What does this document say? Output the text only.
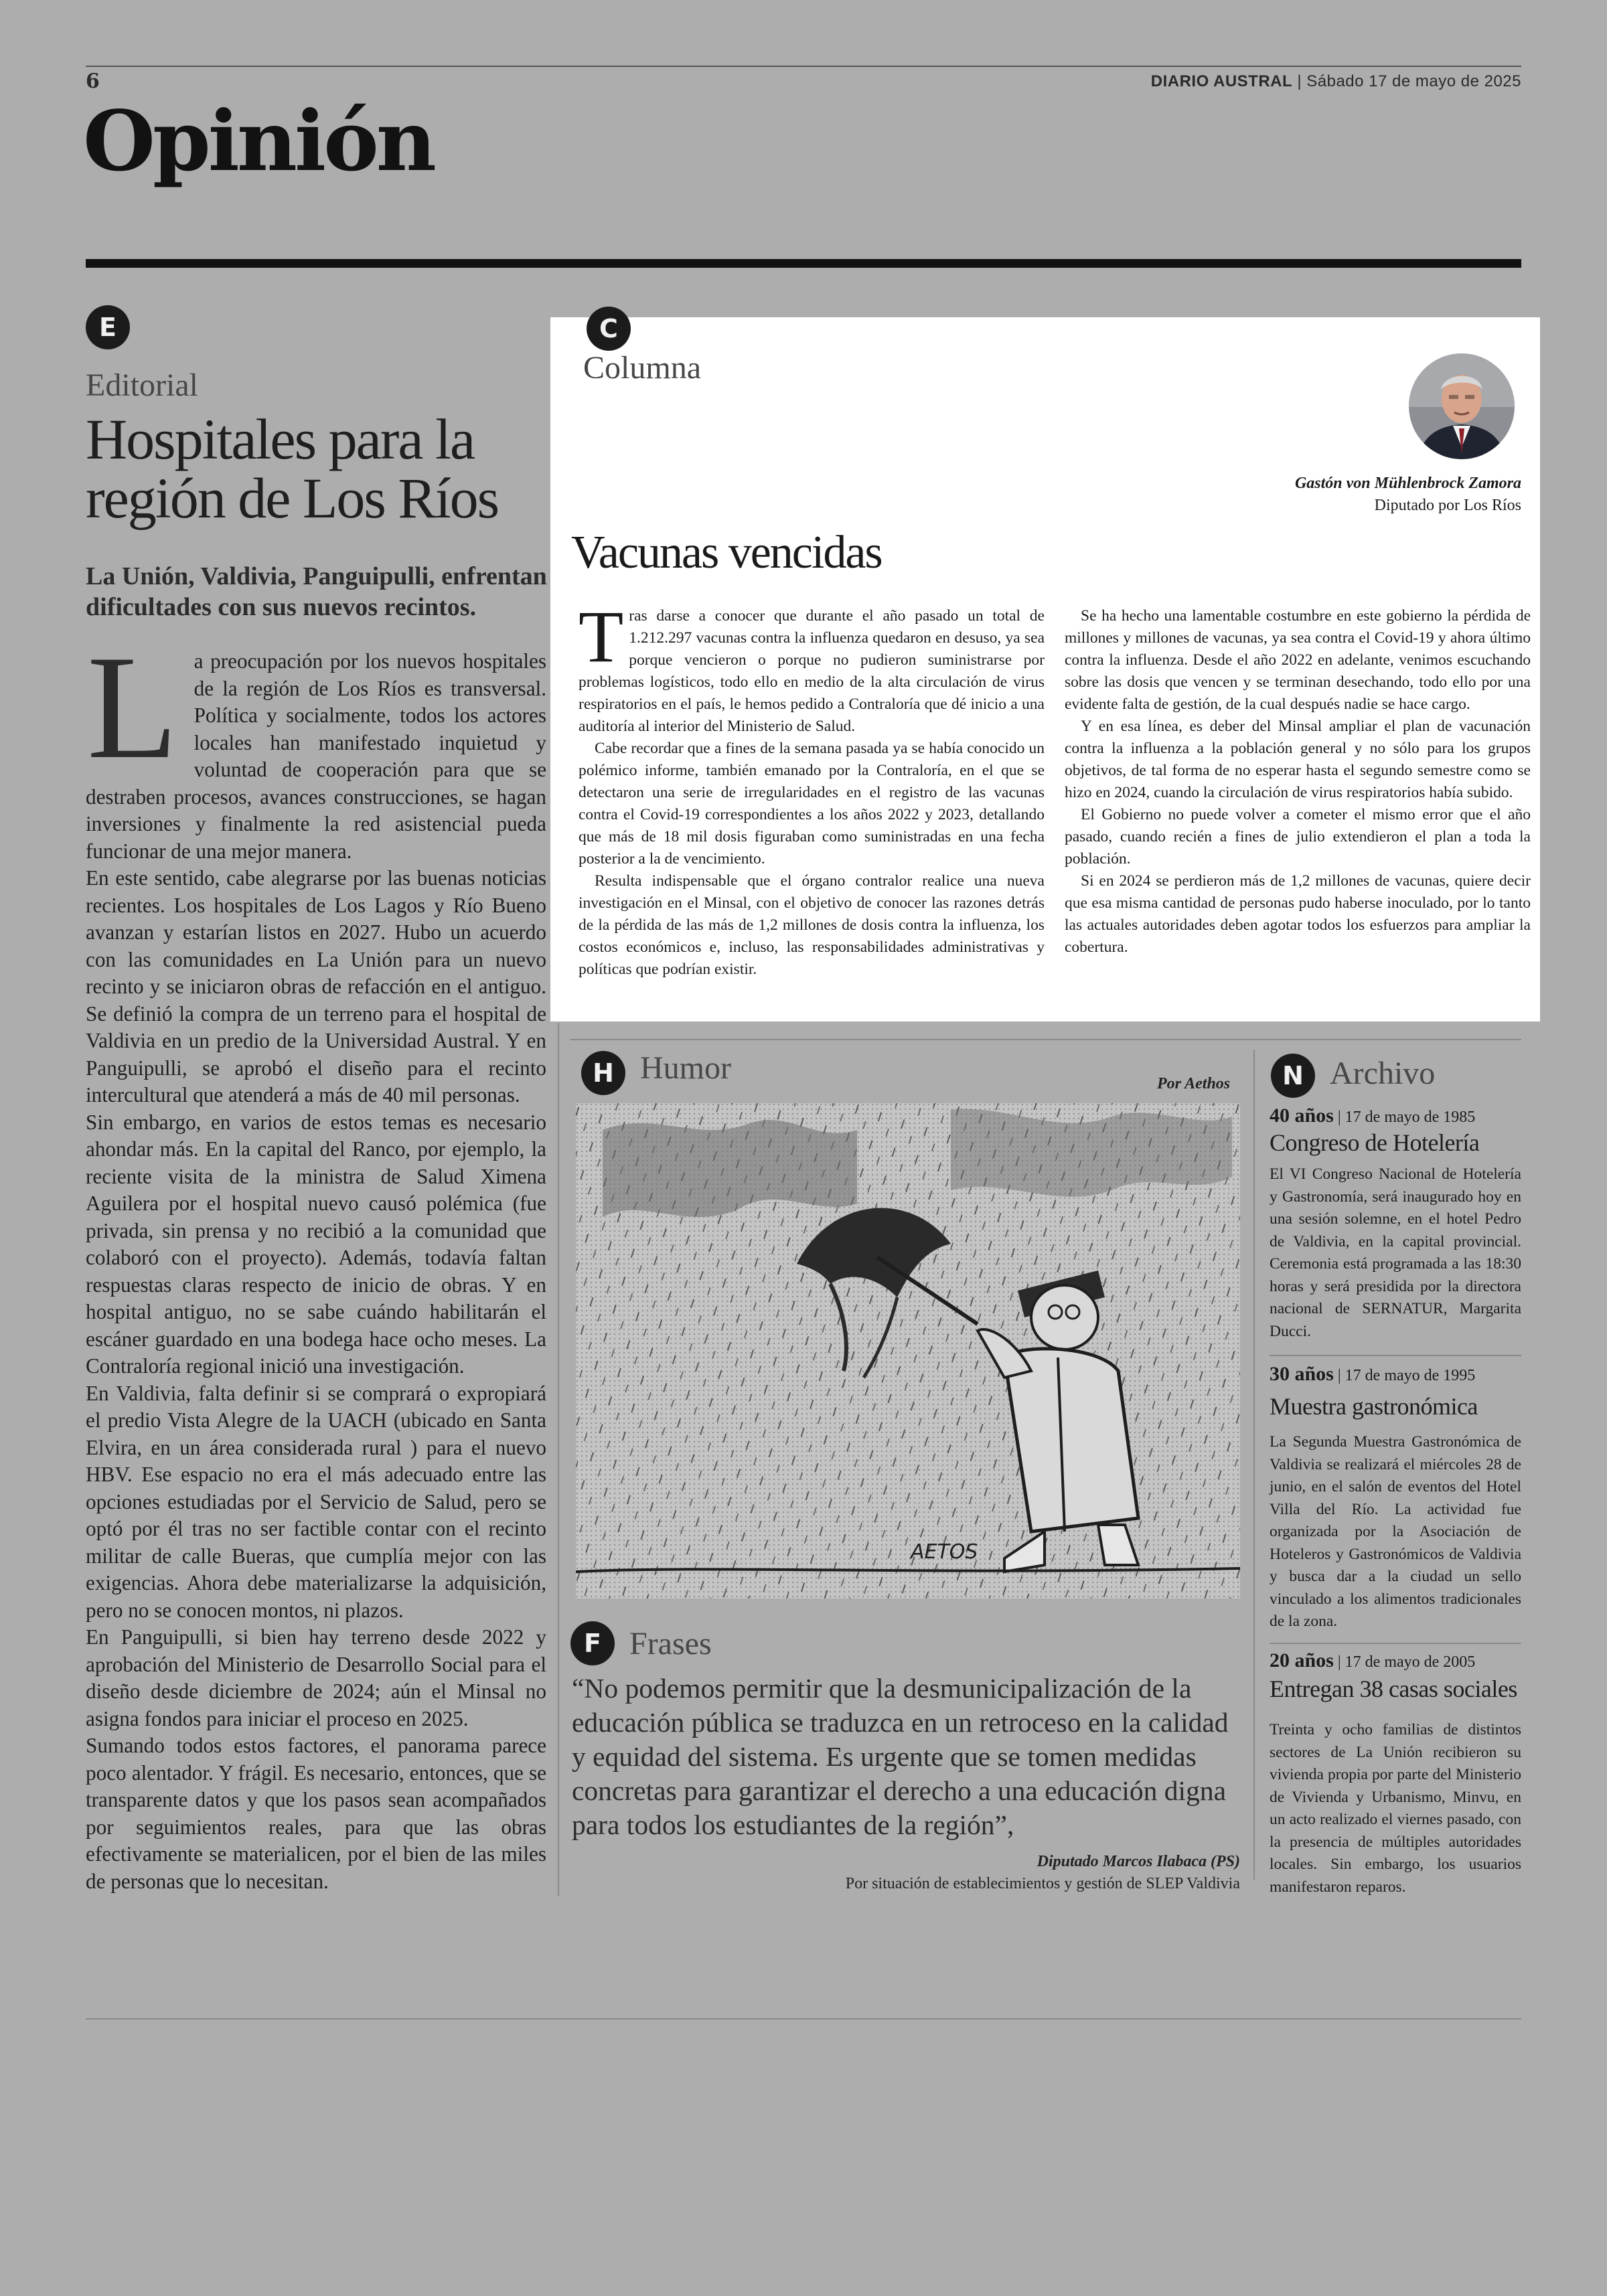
6	DIARIO AUSTRAL | Sábado 17 de mayo de 2025
Opinión
E
Editorial
Hospitales para la
región de Los Ríos
La Unión, Valdivia, Panguipulli, enfrentan dificultades con sus nuevos recintos.
L a preocupación por los nuevos hospitales de la región de Los Ríos es transversal. Política y socialmente, todos los actores locales han manifestado inquietud y voluntad de cooperación para que se destraben procesos, avances construcciones, se hagan inversiones y finalmente la red asistencial pueda funcionar de una mejor manera.

En este sentido, cabe alegrarse por las buenas noticias recientes. Los hospitales de Los Lagos y Río Bueno avanzan y estarían listos en 2027. Hubo un acuerdo con las comunidades en La Unión para un nuevo recinto y se iniciaron obras de refacción en el antiguo. Se definió la compra de un terreno para el hospital de Valdivia en un predio de la Universidad Austral. Y en Panguipulli, se aprobó el diseño para el recinto intercultural que atenderá a más de 40 mil personas.

Sin embargo, en varios de estos temas es necesario ahondar más. En la capital del Ranco, por ejemplo, la reciente visita de la ministra de Salud Ximena Aguilera por el hospital nuevo causó polémica (fue privada, sin prensa y no recibió a la comunidad que colaboró con el proyecto). Además, todavía faltan respuestas claras respecto de inicio de obras. Y en hospital antiguo, no se sabe cuándo habilitarán el escáner guardado en una bodega hace ocho meses. La Contraloría regional inició una investigación.

En Valdivia, falta definir si se comprará o expropiará el predio Vista Alegre de la UACH (ubicado en Santa Elvira, en un área considerada rural ) para el nuevo HBV. Ese espacio no era el más adecuado entre las opciones estudiadas por el Servicio de Salud, pero se optó por él tras no ser factible contar con el recinto militar de calle Bueras, que cumplía mejor con las exigencias. Ahora debe materializarse la adquisición, pero no se conocen montos, ni plazos.

En Panguipulli, si bien hay terreno desde 2022 y aprobación del Ministerio de Desarrollo Social para el diseño desde diciembre de 2024; aún el Minsal no asigna fondos para iniciar el proceso en 2025.

Sumando todos estos factores, el panorama parece poco alentador. Y frágil. Es necesario, entonces, que se transparente datos y que los pasos sean acompañados por seguimientos reales, para que las obras efectivamente se materialicen, por el bien de las miles de personas que lo necesitan.

C
Columna
Gastón von Mühlenbrock Zamora
Diputado por Los Ríos
Vacunas vencidas
T ras darse a conocer que durante el año pasado un total de 1.212.297 vacunas contra la influenza quedaron en desuso, ya sea porque vencieron o porque no pudieron suministrarse por problemas logísticos, todo ello en medio de la alta circulación de virus respiratorios en el país, le hemos pedido a Contraloría que dé inicio a una auditoría al interior del Ministerio de Salud.

Cabe recordar que a fines de la semana pasada ya se había conocido un polémico informe, también emanado por la Contraloría, en el que se detectaron una serie de irregularidades en el registro de las vacunas contra el Covid-19 correspondientes a los años 2022 y 2023, detallando que más de 18 mil dosis figuraban como suministradas en una fecha posterior a la de vencimiento.

Resulta indispensable que el órgano contralor realice una nueva investigación en el Minsal, con el objetivo de conocer las razones detrás de la pérdida de las más de 1,2 millones de dosis contra la influenza, los costos económicos e, incluso, las responsabilidades administrativas y políticas que podrían existir.

Se ha hecho una lamentable costumbre en este gobierno la pérdida de millones y millones de vacunas, ya sea contra el Covid-19 y ahora último contra la influenza. Desde el año 2022 en adelante, venimos escuchando sobre las dosis que vencen y se terminan desechando, todo ello por una evidente falta de gestión, de la cual después nadie se hace cargo.

Y en esa línea, es deber del Minsal ampliar el plan de vacunación contra la influenza a la población general y no sólo para los grupos objetivos, de tal forma de no esperar hasta el segundo semestre como se hizo en 2024, cuando la circulación de virus respiratorios había subido.

El Gobierno no puede volver a cometer el mismo error que el año pasado, cuando recién a fines de julio extendieron el plan a toda la población.

Si en 2024 se perdieron más de 1,2 millones de vacunas, quiere decir que esa misma cantidad de personas pudo haberse inoculado, por lo tanto las actuales autoridades deben agotar todos los esfuerzos para ampliar la cobertura.

H Humor	Por Aethos
AETOS
F Frases
“No podemos permitir que la desmunicipalización de la educación pública se traduzca en un retroceso en la calidad y equidad del sistema. Es urgente que se tomen medidas concretas para garantizar el derecho a una educación digna para todos los estudiantes de la región”,
Diputado Marcos Ilabaca (PS)
Por situación de establecimientos y gestión de SLEP Valdivia
N Archivo
40 años | 17 de mayo de 1985
Congreso de Hotelería
El VI Congreso Nacional de Hotelería y Gastronomía, será inaugurado hoy en una sesión solemne, en el hotel Pedro de Valdivia, en la capital provincial. Ceremonia está programada a las 18:30 horas y será presidida por la directora nacional de SERNATUR, Margarita Ducci.
30 años | 17 de mayo de 1995
Muestra gastronómica
La Segunda Muestra Gastronómica de Valdivia se realizará el miércoles 28 de junio, en el salón de eventos del Hotel Villa del Río. La actividad fue organizada por la Asociación de Hoteleros y Gastronómicos de Valdivia y busca dar a la ciudad un sello vinculado a los alimentos tradicionales de la zona.
20 años | 17 de mayo de 2005
Entregan 38 casas sociales
Treinta y ocho familias de distintos sectores de La Unión recibieron su vivienda propia por parte del Ministerio de Vivienda y Urbanismo, Minvu, en un acto realizado el viernes pasado, con la presencia de múltiples autoridades locales. Sin embargo, los usuarios manifestaron reparos.
